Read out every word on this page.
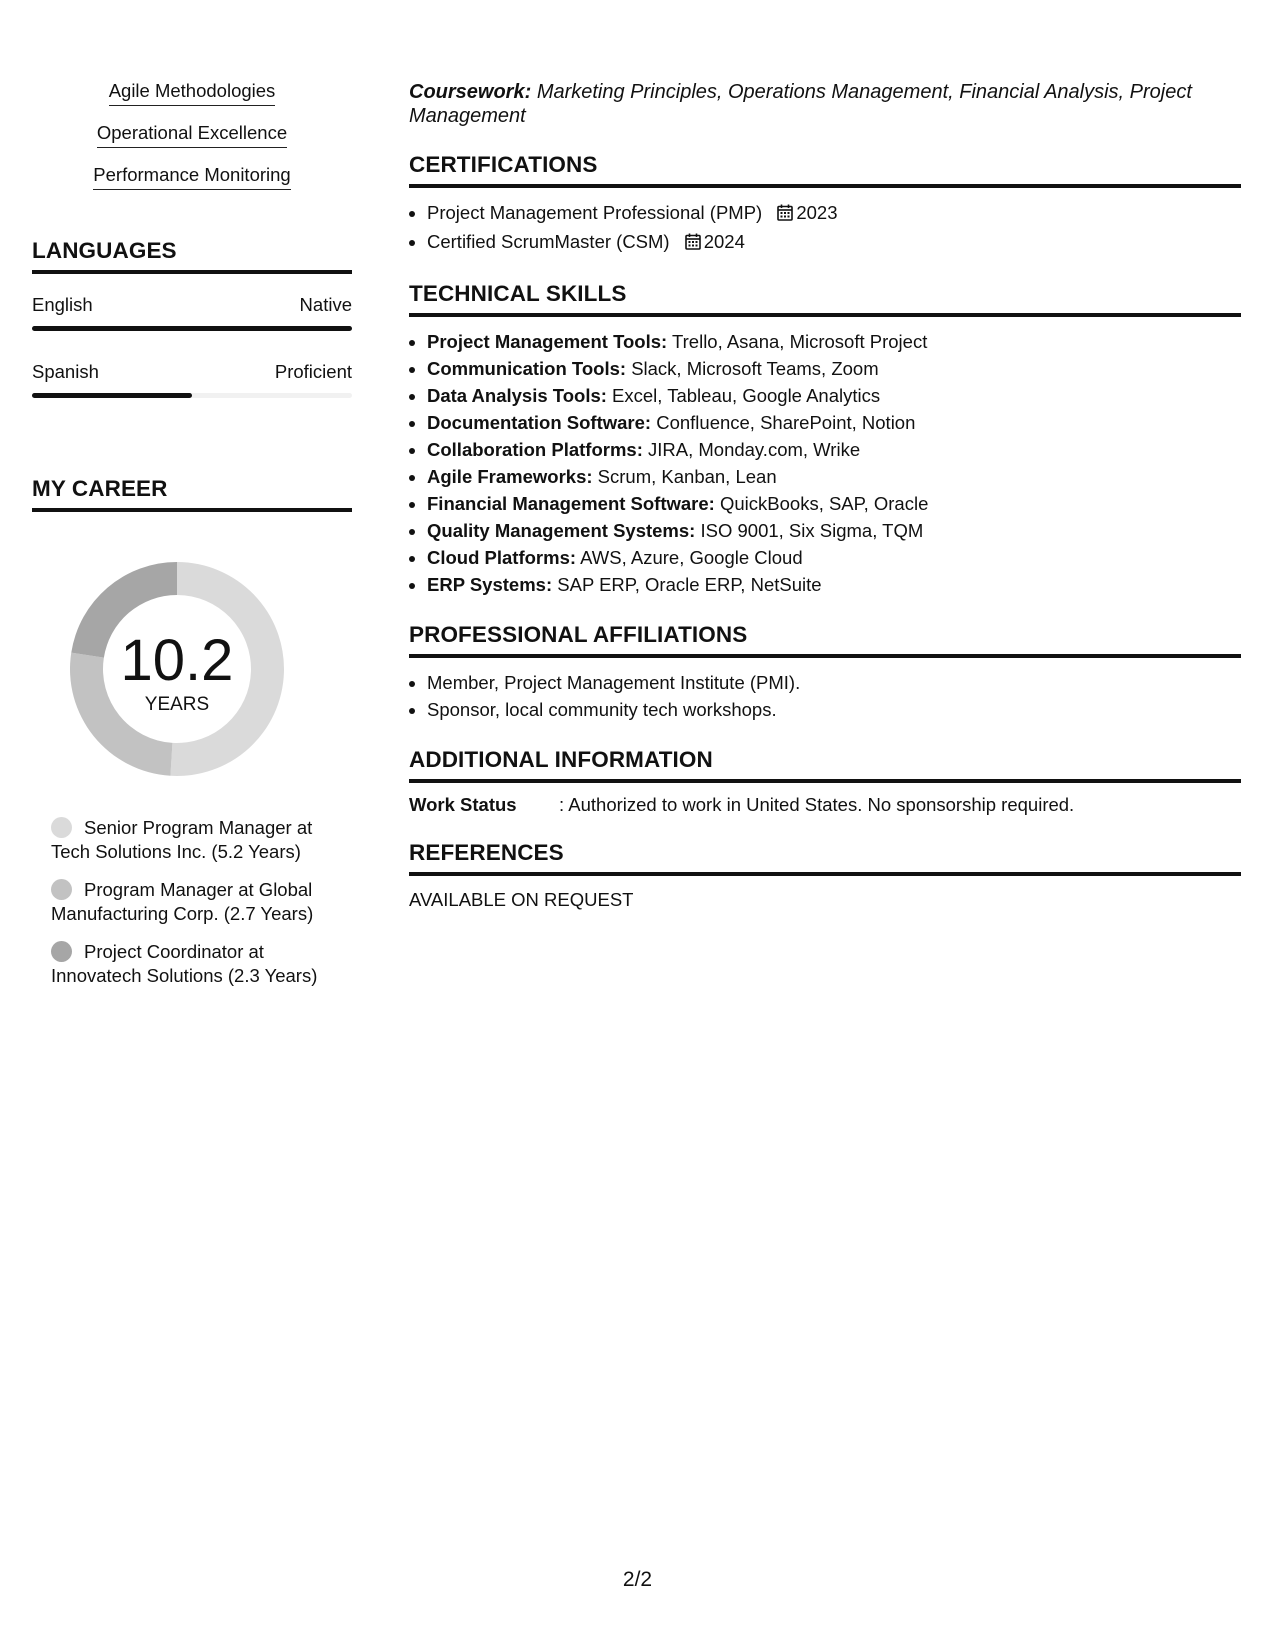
Agile Methodologies
Operational Excellence
Performance Monitoring
LANGUAGES
English	Native
Spanish	Proficient
MY CAREER
10.2
YEARS
Senior Program Manager at Tech Solutions Inc. (5.2 Years)
Program Manager at Global Manufacturing Corp. (2.7 Years)
Project Coordinator at Innovatech Solutions (2.3 Years)
Coursework: Marketing Principles, Operations Management, Financial Analysis, Project Management
CERTIFICATIONS
• Project Management Professional (PMP) 2023
• Certified ScrumMaster (CSM) 2024
TECHNICAL SKILLS
• Project Management Tools: Trello, Asana, Microsoft Project
• Communication Tools: Slack, Microsoft Teams, Zoom
• Data Analysis Tools: Excel, Tableau, Google Analytics
• Documentation Software: Confluence, SharePoint, Notion
• Collaboration Platforms: JIRA, Monday.com, Wrike
• Agile Frameworks: Scrum, Kanban, Lean
• Financial Management Software: QuickBooks, SAP, Oracle
• Quality Management Systems: ISO 9001, Six Sigma, TQM
• Cloud Platforms: AWS, Azure, Google Cloud
• ERP Systems: SAP ERP, Oracle ERP, NetSuite
PROFESSIONAL AFFILIATIONS
• Member, Project Management Institute (PMI).
• Sponsor, local community tech workshops.
ADDITIONAL INFORMATION
Work Status	: Authorized to work in United States. No sponsorship required.
REFERENCES
AVAILABLE ON REQUEST
2/2
